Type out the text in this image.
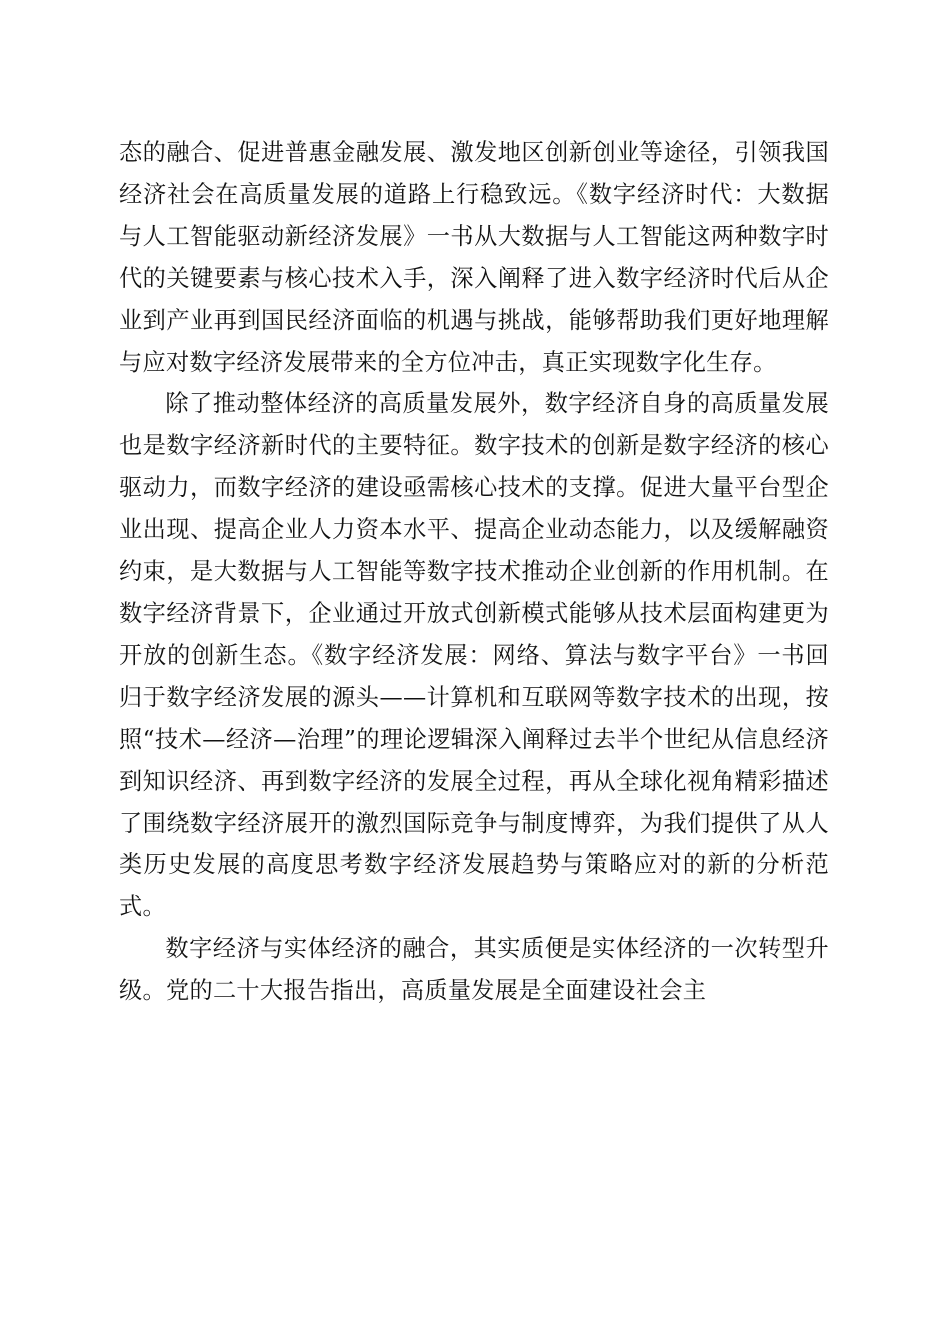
态的融合、促进普惠金融发展、激发地区创新创业等途径，引领我国经济社会在高质量发展的道路上行稳致远。《数字经济时代：大数据与人工智能驱动新经济发展》一书从大数据与人工智能这两种数字时代的关键要素与核心技术入手，深入阐释了进入数字经济时代后从企业到产业再到国民经济面临的机遇与挑战，能够帮助我们更好地理解与应对数字经济发展带来的全方位冲击，真正实现数字化生存。

除了推动整体经济的高质量发展外，数字经济自身的高质量发展也是数字经济新时代的主要特征。数字技术的创新是数字经济的核心驱动力，而数字经济的建设亟需核心技术的支撑。促进大量平台型企业出现、提高企业人力资本水平、提高企业动态能力，以及缓解融资约束，是大数据与人工智能等数字技术推动企业创新的作用机制。在数字经济背景下，企业通过开放式创新模式能够从技术层面构建更为开放的创新生态。《数字经济发展：网络、算法与数字平台》一书回归于数字经济发展的源头——计算机和互联网等数字技术的出现，按照“技术—经济—治理”的理论逻辑深入阐释过去半个世纪从信息经济到知识经济、再到数字经济的发展全过程，再从全球化视角精彩描述了围绕数字经济展开的激烈国际竞争与制度博弈，为我们提供了从人类历史发展的高度思考数字经济发展趋势与策略应对的新的分析范式。

数字经济与实体经济的融合，其实质便是实体经济的一次转型升级。党的二十大报告指出，高质量发展是全面建设社会主
